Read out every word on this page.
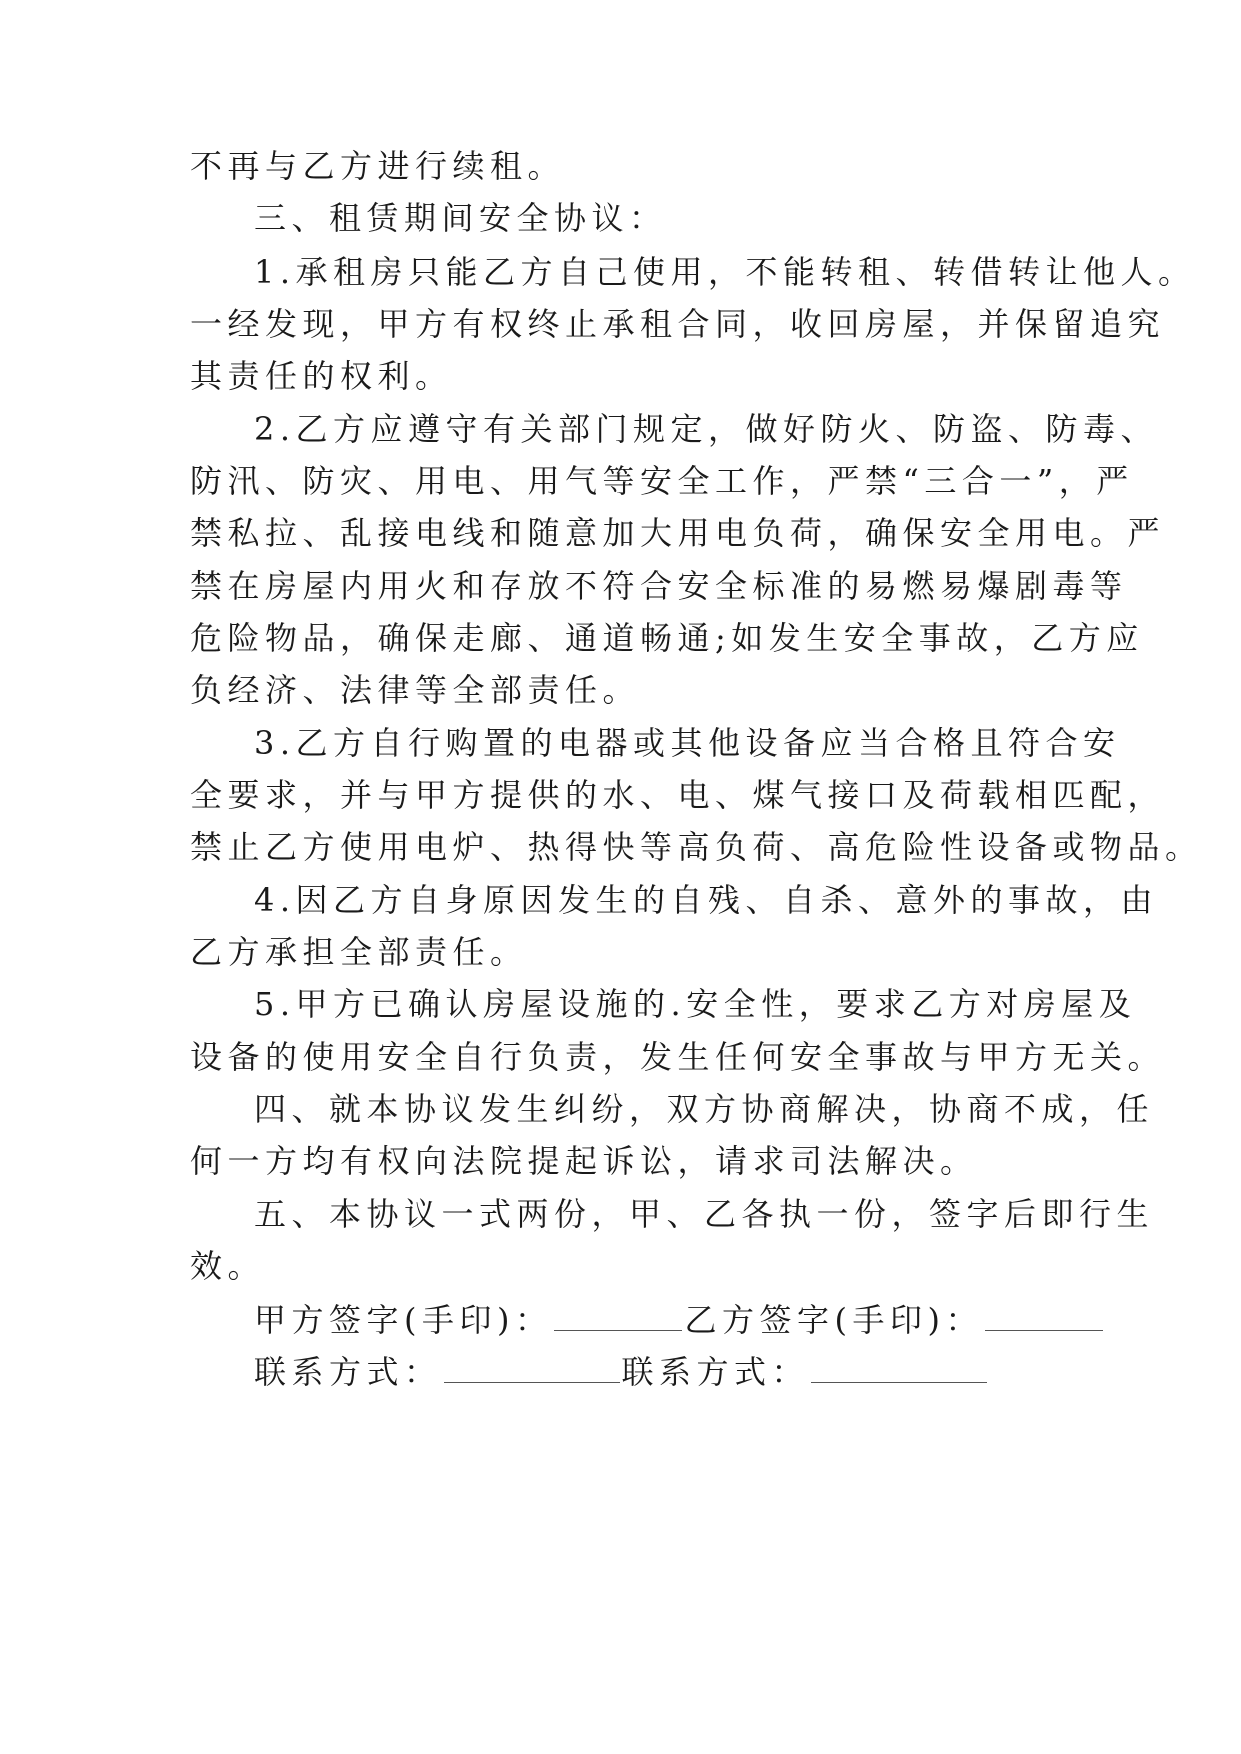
不再与乙方进行续租。
三、租赁期间安全协议：
1.承租房只能乙方自己使用，不能转租、转借转让他人。
一经发现，甲方有权终止承租合同，收回房屋，并保留追究
其责任的权利。
2.乙方应遵守有关部门规定，做好防火、防盗、防毒、
防汛、防灾、用电、用气等安全工作，严禁“三合一”，严
禁私拉、乱接电线和随意加大用电负荷，确保安全用电。严
禁在房屋内用火和存放不符合安全标准的易燃易爆剧毒等
危险物品，确保走廊、通道畅通;如发生安全事故，乙方应
负经济、法律等全部责任。
3.乙方自行购置的电器或其他设备应当合格且符合安
全要求，并与甲方提供的水、电、煤气接口及荷载相匹配，
禁止乙方使用电炉、热得快等高负荷、高危险性设备或物品。
4.因乙方自身原因发生的自残、自杀、意外的事故，由
乙方承担全部责任。
5.甲方已确认房屋设施的.安全性，要求乙方对房屋及
设备的使用安全自行负责，发生任何安全事故与甲方无关。
四、就本协议发生纠纷，双方协商解决，协商不成，任
何一方均有权向法院提起诉讼，请求司法解决。
五、本协议一式两份，甲、乙各执一份，签字后即行生
效。
甲方签字(手印)：	乙方签字(手印)：
联系方式：	联系方式：
